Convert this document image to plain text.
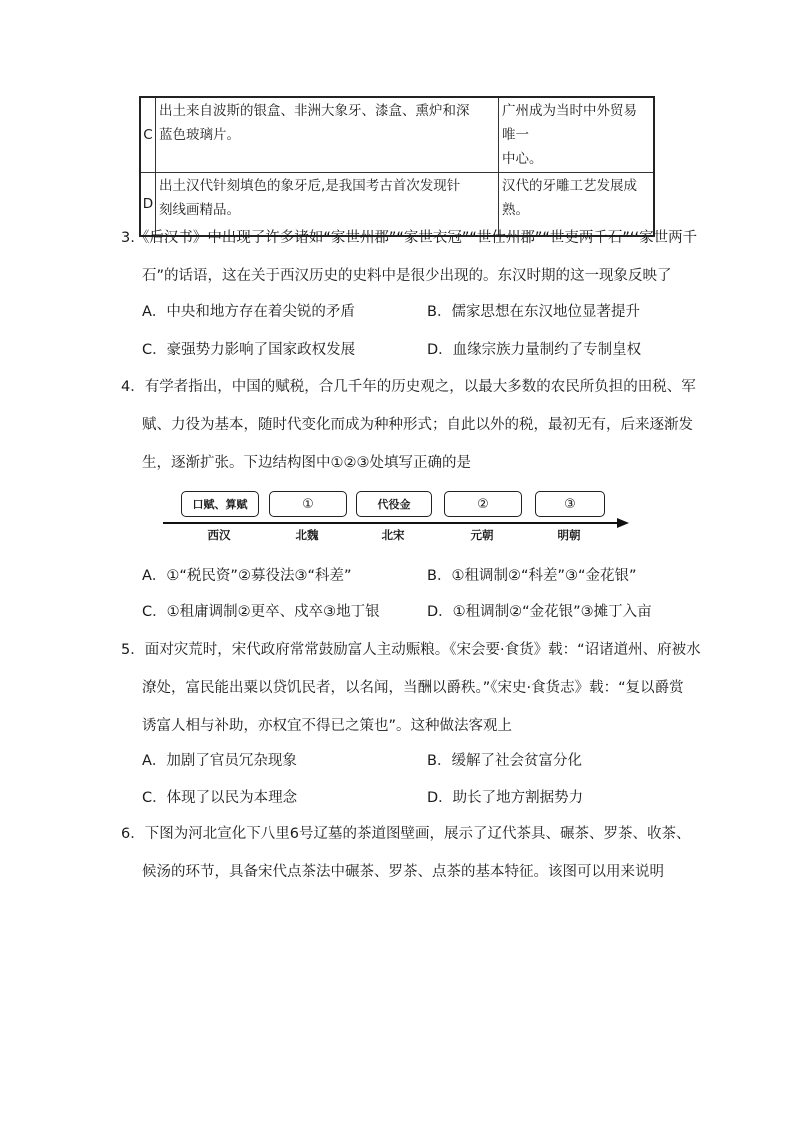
C	出土来自波斯的银盒、非洲大象牙、漆盒、熏炉和深
蓝色玻璃片。	广州成为当时中外贸易唯一
中心。
D	出土汉代针刻填色的象牙卮,是我国考古首次发现针
刻线画精品。	汉代的牙雕工艺发展成熟。
3.《后汉书》中出现了许多诸如“家世州郡”“家世衣冠”“世仕州郡”“世吏两千石”‘‘家世两千
石”的话语，这在关于西汉历史的史料中是很少出现的。东汉时期的这一现象反映了
A．中央和地方存在着尖锐的矛盾	B．儒家思想在东汉地位显著提升
C．豪强势力影响了国家政权发展	D．血缘宗族力量制约了专制皇权
4．有学者指出，中国的赋税，合几千年的历史观之，以最大多数的农民所负担的田税、军
赋、力役为基本，随时代变化而成为种种形式；自此以外的税，最初无有，后来逐渐发
生，逐渐扩张。下边结构图中①②③处填写正确的是
口赋、算赋	①	代役金	②	③
西汉	北魏	北宋	元朝	明朝
A．①“税民资”②募役法③“科差”	B．①租调制②“科差”③“金花银”
C．①租庸调制②更卒、戍卒③地丁银	D．①租调制②“金花银”③摊丁入亩
5．面对灾荒时，宋代政府常常鼓励富人主动赈粮。《宋会要·食货》载：“诏诸道州、府被水
潦处，富民能出粟以贷饥民者，以名闻，当酬以爵秩。”《宋史·食货志》载：“复以爵赏
诱富人相与补助，亦权宜不得已之策也”。这种做法客观上
A．加剧了官员冗杂现象	B．缓解了社会贫富分化
C．体现了以民为本理念	D．助长了地方割据势力
6．下图为河北宣化下八里6号辽墓的茶道图壁画，展示了辽代茶具、碾茶、罗茶、收茶、
候汤的环节，具备宋代点茶法中碾茶、罗茶、点茶的基本特征。该图可以用来说明
